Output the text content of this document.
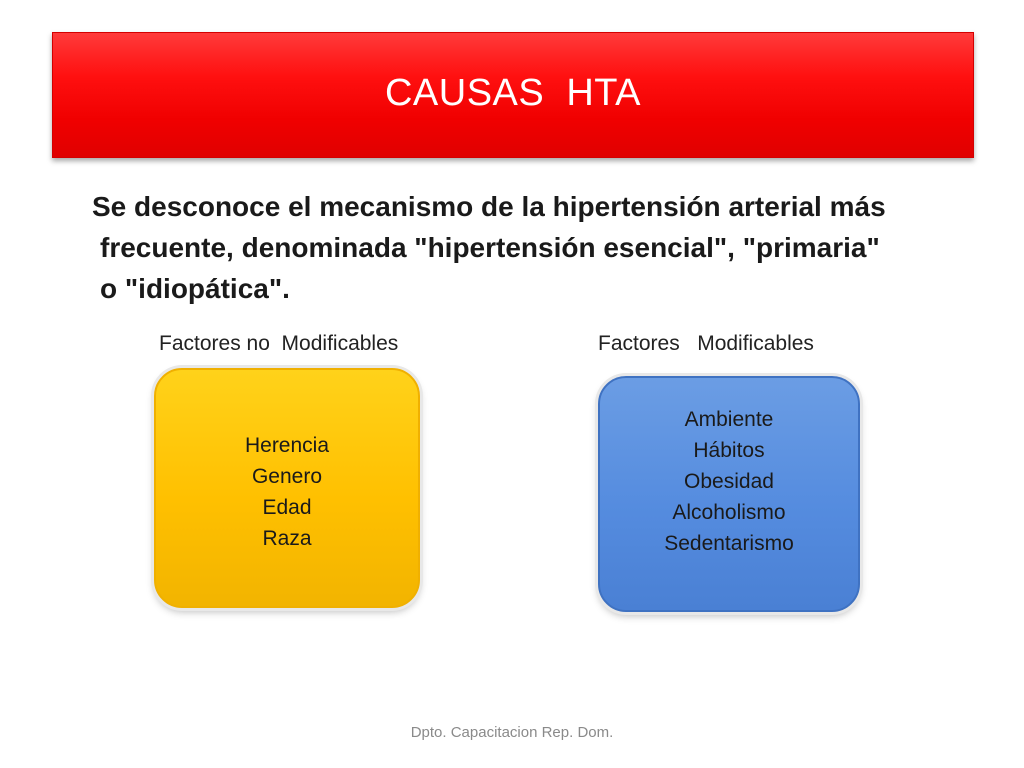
CAUSAS  HTA
Se desconoce el mecanismo de la hipertensión arterial más
frecuente, denominada "hipertensión esencial", "primaria"
o "idiopática".
Factores no  Modificables	Factores   Modificables
Herencia
Genero
Edad
Raza
Ambiente
Hábitos
Obesidad
Alcoholismo
Sedentarismo
Dpto. Capacitacion Rep. Dom.
